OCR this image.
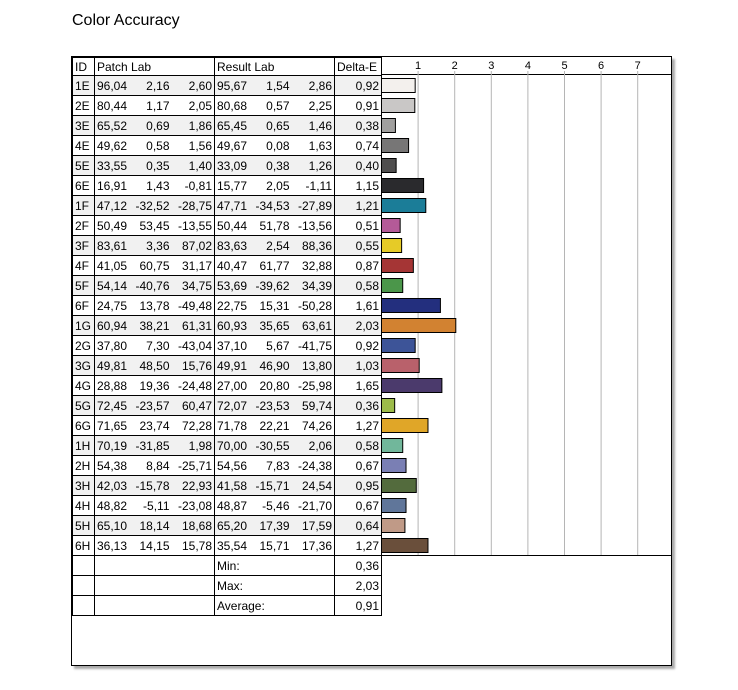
Color Accuracy
ID	Patch Lab	Result Lab	Delta-E
1E	96,04 2,16 2,60	95,67 1,54 2,86	0,92
2E	80,44 1,17 2,05	80,68 0,57 2,25	0,91
3E	65,52 0,69 1,86	65,45 0,65 1,46	0,38
4E	49,62 0,58 1,56	49,67 0,08 1,63	0,74
5E	33,55 0,35 1,40	33,09 0,38 1,26	0,40
6E	16,91 1,43 -0,81	15,77 2,05 -1,11	1,15
1F	47,12 -32,52 -28,75	47,71 -34,53 -27,89	1,21
2F	50,49 53,45 -13,55	50,44 51,78 -13,56	0,51
3F	83,61 3,36 87,02	83,63 2,54 88,36	0,55
4F	41,05 60,75 31,17	40,47 61,77 32,88	0,87
5F	54,14 -40,76 34,75	53,69 -39,62 34,39	0,58
6F	24,75 13,78 -49,48	22,75 15,31 -50,28	1,61
1G	60,94 38,21 61,31	60,93 35,65 63,61	2,03
2G	37,80 7,30 -43,04	37,10 5,67 -41,75	0,92
3G	49,81 48,50 15,76	49,91 46,90 13,80	1,03
4G	28,88 19,36 -24,48	27,00 20,80 -25,98	1,65
5G	72,45 -23,57 60,47	72,07 -23,53 59,74	0,36
6G	71,65 23,74 72,28	71,78 22,21 74,26	1,27
1H	70,19 -31,85 1,98	70,00 -30,55 2,06	0,58
2H	54,38 8,84 -25,71	54,56 7,83 -24,38	0,67
3H	42,03 -15,78 22,93	41,58 -15,71 24,54	0,95
4H	48,82 -5,11 -23,08	48,87 -5,46 -21,70	0,67
5H	65,10 18,14 18,68	65,20 17,39 17,59	0,64
6H	36,13 14,15 15,78	35,54 15,71 17,36	1,27
		Min:	0,36
		Max:	2,03
		Average:	0,91
1	2	3	4	5	6	7
